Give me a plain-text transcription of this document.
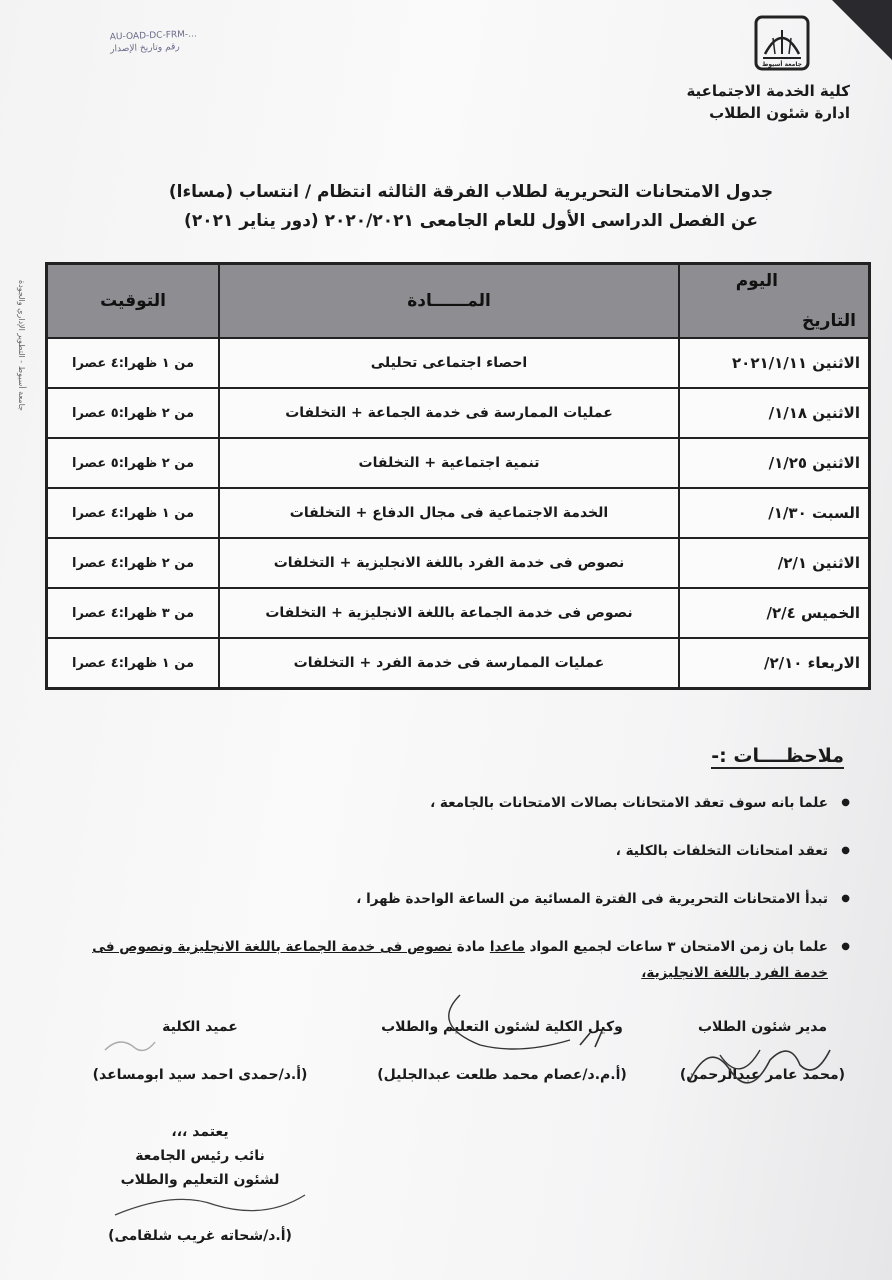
AU-OAD-DC-FRM-...
رقم وتاريخ الإصدار
جامعة أسيوط
كلية الخدمة الاجتماعية
ادارة شئون الطلاب
جامعة أسيوط - التطوير الإداري والجودة
جدول الامتحانات التحريرية لطلاب الفرقة الثالثه انتظام / انتساب (مساءا)
عن الفصل الدراسى الأول للعام الجامعى ٢٠٢٠/٢٠٢١ (دور يناير ٢٠٢١)
اليوم
التاريخ	المــــــادة	التوقيت
الاثنين ٢٠٢١/١/١١	احصاء اجتماعى تحليلى	من ١ ظهرا:٤ عصرا
الاثنين ١/١٨/	عمليات الممارسة فى خدمة الجماعة + التخلفات	من ٢ ظهرا:٥ عصرا
الاثنين ١/٢٥/	تنمية اجتماعية + التخلفات	من ٢ ظهرا:٥ عصرا
السبت ١/٣٠/	الخدمة الاجتماعية فى مجال الدفاع + التخلفات	من ١ ظهرا:٤ عصرا
الاثنين ٢/١/	نصوص فى خدمة الفرد باللغة الانجليزية + التخلفات	من ٢ ظهرا:٤ عصرا
الخميس ٢/٤/	نصوص فى خدمة الجماعة باللغة الانجليزية + التخلفات	من ٣ ظهرا:٤ عصرا
الاربعاء ٢/١٠/	عمليات الممارسة فى خدمة الفرد + التخلفات	من ١ ظهرا:٤ عصرا
ملاحظــــات :-
● علما بانه سوف تعقد الامتحانات بصالات الامتحانات بالجامعة ،
● تعقد امتحانات التخلفات بالكلية ،
● تبدأ الامتحانات التحريرية فى الفترة المسائية من الساعة الواحدة ظهرا ،
● علما بان زمن الامتحان ٣ ساعات لجميع المواد ماعدا مادة نصوص فى خدمة الجماعة باللغة الانجليزية ونصوص فى خدمة الفرد باللغة الانجليزية،
مدير شئون الطلاب
(محمد عامر عبدالرحمن)
وكيل الكلية لشئون التعليم والطلاب
(أ.م.د/عصام محمد طلعت عبدالجليل)
عميد الكلية
(أ.د/حمدى احمد سيد ابومساعد)
يعتمد ،،،
نائب رئيس الجامعة
لشئون التعليم والطلاب
(أ.د/شحاته غريب شلقامى)
